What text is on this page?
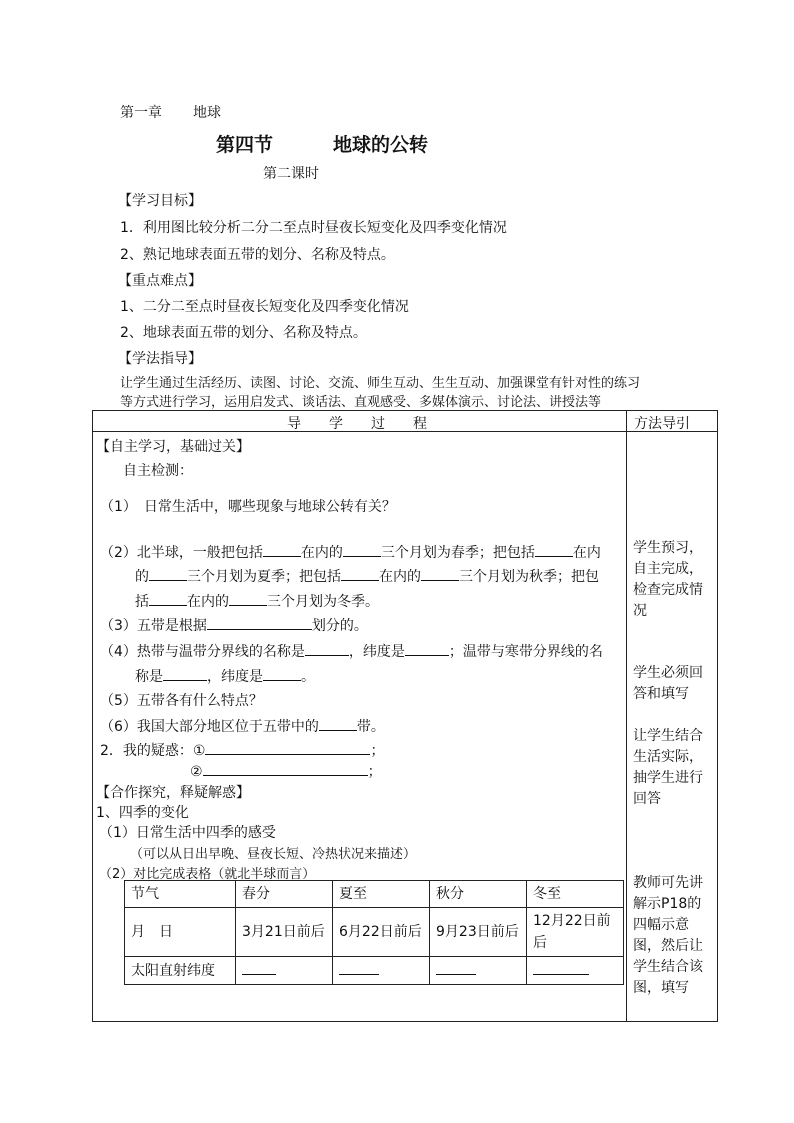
第一章 地球
第四节	地球的公转
第二课时
【学习目标】
1．利用图比较分析二分二至点时昼夜长短变化及四季变化情况
2、熟记地球表面五带的划分、名称及特点。
【重点难点】
1、二分二至点时昼夜长短变化及四季变化情况
2、地球表面五带的划分、名称及特点。
【学法指导】
让学生通过生活经历、读图、讨论、交流、师生互动、生生互动、加强课堂有针对性的练习
等方式进行学习，运用启发式、谈话法、直观感受、多媒体演示、讨论法、讲授法等
导　　学　　过　　程	方法导引
【自主学习，基础过关】
自主检测：
（1）　日常生活中，哪些现象与地球公转有关？
（2）北半球，一般把包括	在内的	三个月划为春季；把包括	在内
的	三个月划为夏季；把包括	在内的	三个月划为秋季；把包
括	在内的	三个月划为冬季。
（3）五带是根据	划分的。
（4）热带与温带分界线的名称是	，纬度是	；温带与寒带分界线的名
称是	，纬度是	。
（5）五带各有什么特点？
（6）我国大部分地区位于五带中的	带。
2．我的疑惑：①	；
②	；
【合作探究，释疑解惑】
1、四季的变化
（1）日常生活中四季的感受
（可以从日出早晚、昼夜长短、冷热状况来描述）
（2）对比完成表格（就北半球而言）
节气	春分	夏至	秋分	冬至
月　日	3月21日前后	6月22日前后	9月23日前后	12月22日前后
太阳直射纬度				
学生预习，自主完成，检查完成情况
学生必须回答和填写
让学生结合生活实际，抽学生进行回答
教师可先讲解示P18的四幅示意图，然后让学生结合该图，填写
